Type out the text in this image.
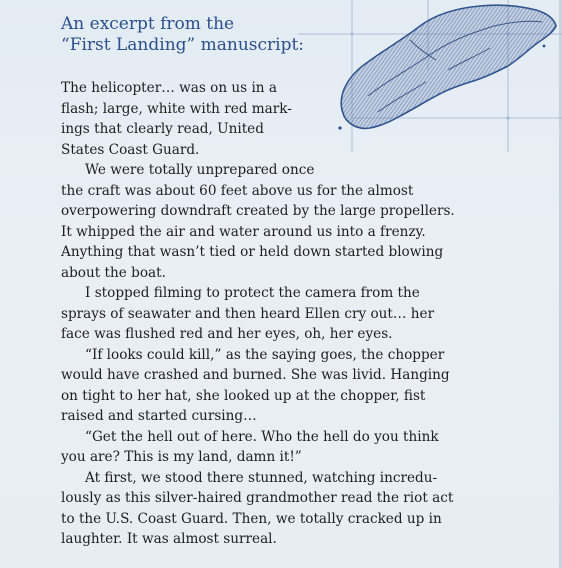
An excerpt from the
“First Landing” manuscript:
The helicopter… was on us in a
flash; large, white with red mark-
ings that clearly read, United
States Coast Guard.
We were totally unprepared once
the craft was about 60 feet above us for the almost
overpowering downdraft created by the large propellers.
It whipped the air and water around us into a frenzy.
Anything that wasn’t tied or held down started blowing
about the boat.
I stopped filming to protect the camera from the
sprays of seawater and then heard Ellen cry out… her
face was flushed red and her eyes, oh, her eyes.
“If looks could kill,” as the saying goes, the chopper
would have crashed and burned. She was livid. Hanging
on tight to her hat, she looked up at the chopper, fist
raised and started cursing…
“Get the hell out of here. Who the hell do you think
you are? This is my land, damn it!”
At first, we stood there stunned, watching incredu-
lously as this silver-haired grandmother read the riot act
to the U.S. Coast Guard. Then, we totally cracked up in
laughter. It was almost surreal.
